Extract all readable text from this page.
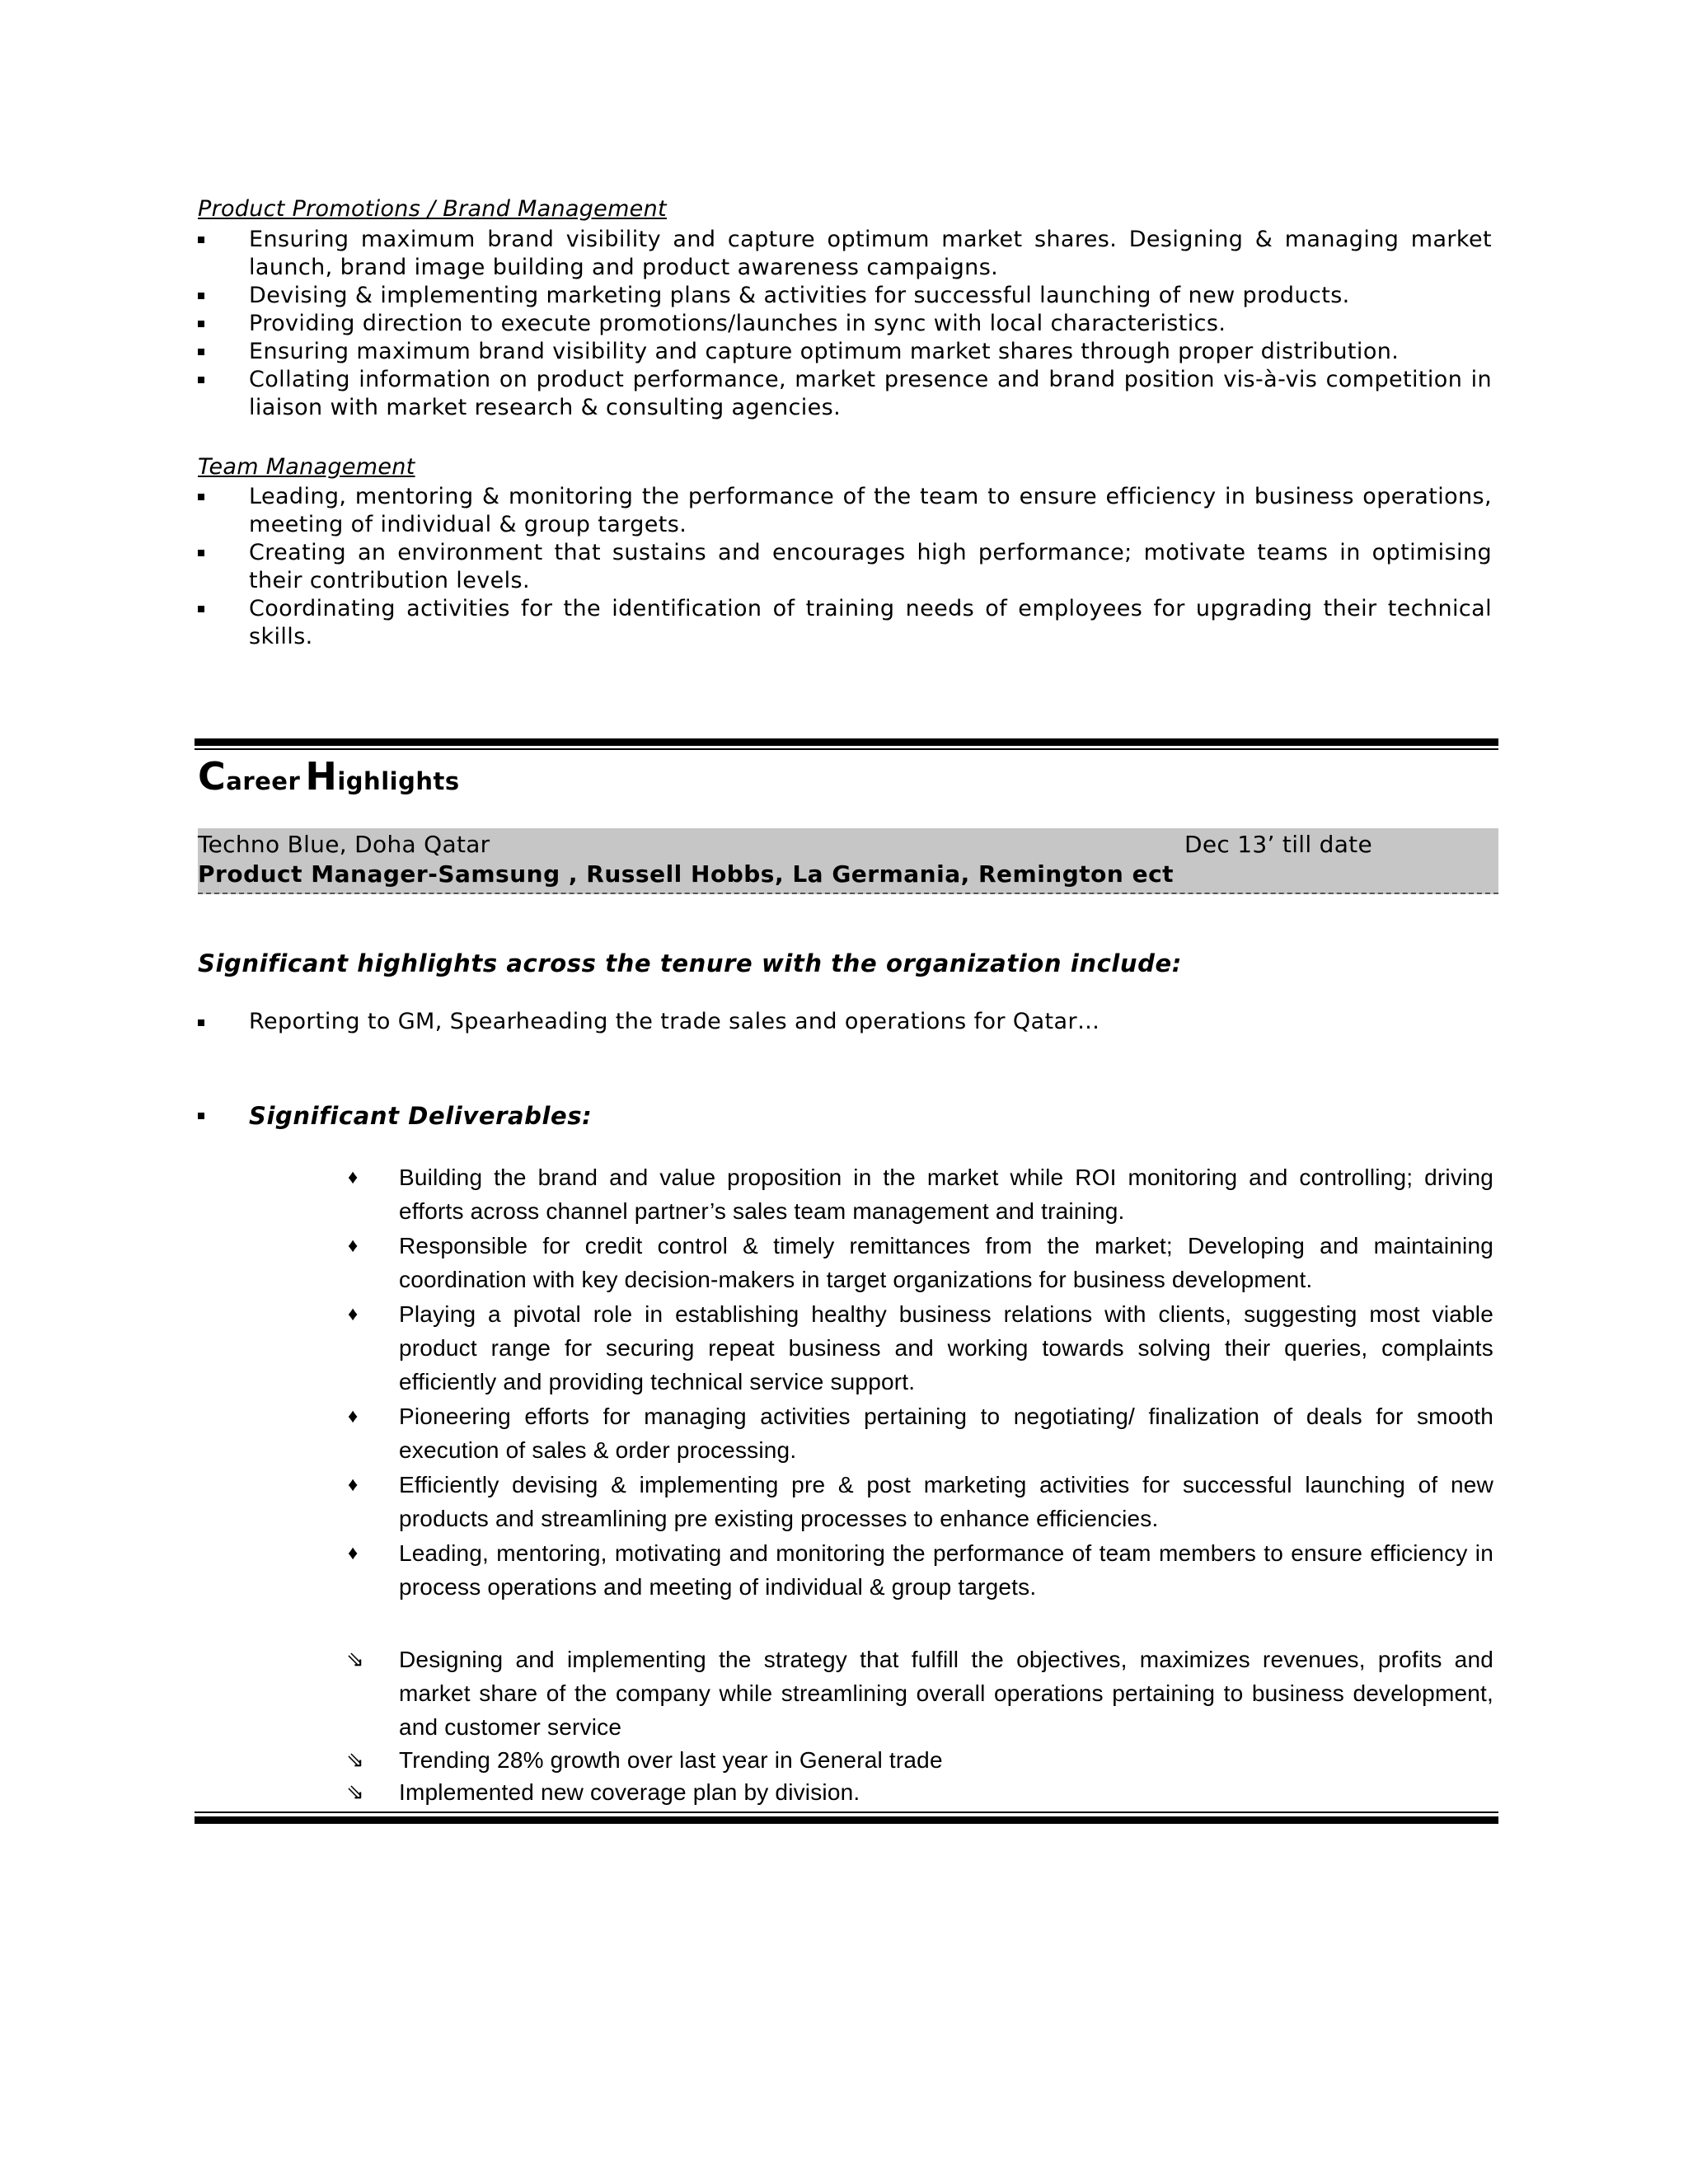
Product Promotions / Brand Management
Ensuring maximum brand visibility and capture optimum market shares. Designing & managing market launch, brand image building and product awareness campaigns.
Devising & implementing marketing plans & activities for successful launching of new products.
Providing direction to execute promotions/launches in sync with local characteristics.
Ensuring maximum brand visibility and capture optimum market shares through proper distribution.
Collating information on product performance, market presence and brand position vis-à-vis competition in liaison with market research & consulting agencies.
Team Management
Leading, mentoring & monitoring the performance of the team to ensure efficiency in business operations, meeting of individual & group targets.
Creating an environment that sustains and encourages high performance; motivate teams in optimising their contribution levels.
Coordinating activities for the identification of training needs of employees for upgrading their technical skills.
Career Highlights
Techno Blue, Doha Qatar	Dec 13’ till date
Product Manager-Samsung , Russell Hobbs, La Germania, Remington ect
Significant highlights across the tenure with the organization include:
Reporting to GM, Spearheading the trade sales and operations for Qatar…
Significant Deliverables:
♦ Building the brand and value proposition in the market while ROI monitoring and controlling; driving efforts across channel partner’s sales team management and training.
♦ Responsible for credit control & timely remittances from the market; Developing and maintaining coordination with key decision-makers in target organizations for business development.
♦ Playing a pivotal role in establishing healthy business relations with clients, suggesting most viable product range for securing repeat business and working towards solving their queries, complaints efficiently and providing technical service support.
♦ Pioneering efforts for managing activities pertaining to negotiating/ finalization of deals for smooth execution of sales & order processing.
♦ Efficiently devising & implementing pre & post marketing activities for successful launching of new products and streamlining pre existing processes to enhance efficiencies.
♦ Leading, mentoring, motivating and monitoring the performance of team members to ensure efficiency in process operations and meeting of individual & group targets.
⇘ Designing and implementing the strategy that fulfill the objectives, maximizes revenues, profits and market share of the company while streamlining overall operations pertaining to business development, and customer service
⇘ Trending 28% growth over last year in General trade
⇘ Implemented new coverage plan by division.
